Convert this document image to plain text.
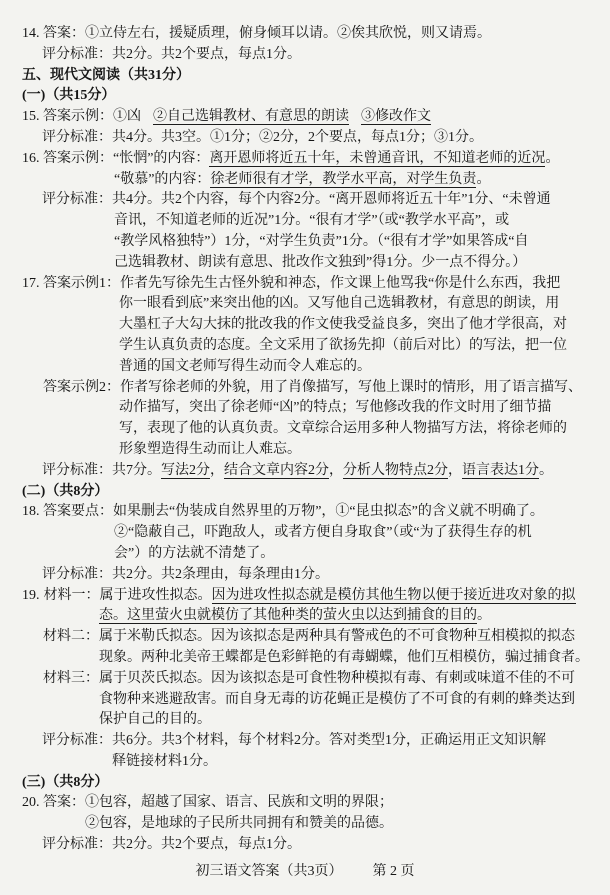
14. 答案：①立侍左右，援疑质理，俯身倾耳以请。②俟其欣悦，则又请焉。
评分标准：共2分。共2个要点，每点1分。
五、现代文阅读（共31分）
(一)（共15分）
15. 答案示例：①凶 ②自己选辑教材、有意思的朗读 ③修改作文
评分标准：共4分。共3空。①1分；②2分，2个要点，每点1分；③1分。
16. 答案示例：“怅惘”的内容：离开恩师将近五十年，未曾通音讯，不知道老师的近况。
“敬慕”的内容：徐老师很有才学，教学水平高，对学生负责。
评分标准：共4分。共2个内容，每个内容2分。“离开恩师将近五十年”1分、“未曾通
音讯，不知道老师的近况”1分。“很有才学”（或“教学水平高”，或
“教学风格独特”）1分，“对学生负责”1分。（“很有才学”如果答成“自
己选辑教材、朗读有意思、批改作文独到”得1分。少一点不得分。）
17. 答案示例1：作者先写徐先生古怪外貌和神态，作文课上他骂我“你是什么东西，我把
你一眼看到底”来突出他的凶。又写他自己选辑教材，有意思的朗读，用
大墨杠子大勾大抹的批改我的作文使我受益良多，突出了他才学很高，对
学生认真负责的态度。全文采用了欲扬先抑（前后对比）的写法，把一位
普通的国文老师写得生动而令人难忘的。
答案示例2：作者写徐老师的外貌，用了肖像描写，写他上课时的情形，用了语言描写、
动作描写，突出了徐老师“凶”的特点；写他修改我的作文时用了细节描
写，表现了他的认真负责。文章综合运用多种人物描写方法，将徐老师的
形象塑造得生动而让人难忘。
评分标准：共7分。写法2分，结合文章内容2分，分析人物特点2分，语言表达1分。
(二)（共8分）
18. 答案要点：如果删去“伪装成自然界里的万物”，①“昆虫拟态”的含义就不明确了。
②“隐蔽自己，吓跑敌人，或者方便自身取食”（或“为了获得生存的机
会”）的方法就不清楚了。
评分标准：共2分。共2条理由，每条理由1分。
19. 材料一：属于进攻性拟态。因为进攻性拟态就是模仿其他生物以便于接近进攻对象的拟
态。这里萤火虫就模仿了其他种类的萤火虫以达到捕食的目的。
材料二：属于米勒氏拟态。因为该拟态是两种具有警戒色的不可食物种互相模拟的拟态
现象。两种北美帝王蝶都是色彩鲜艳的有毒蝴蝶，他们互相模仿，骗过捕食者。
材料三：属于贝茨氏拟态。因为该拟态是可食性物种模拟有毒、有刺或味道不佳的不可
食物种来逃避敌害。而自身无毒的访花蝇正是模仿了不可食的有刺的蜂类达到
保护自己的目的。
评分标准：共6分。共3个材料，每个材料2分。答对类型1分，正确运用正文知识解
释链接材料1分。
(三)（共8分）
20. 答案：①包容，超越了国家、语言、民族和文明的界限；
②包容，是地球的子民所共同拥有和赞美的品德。
评分标准：共2分。共2个要点，每点1分。
初三语文答案（共3页） 第 2 页
